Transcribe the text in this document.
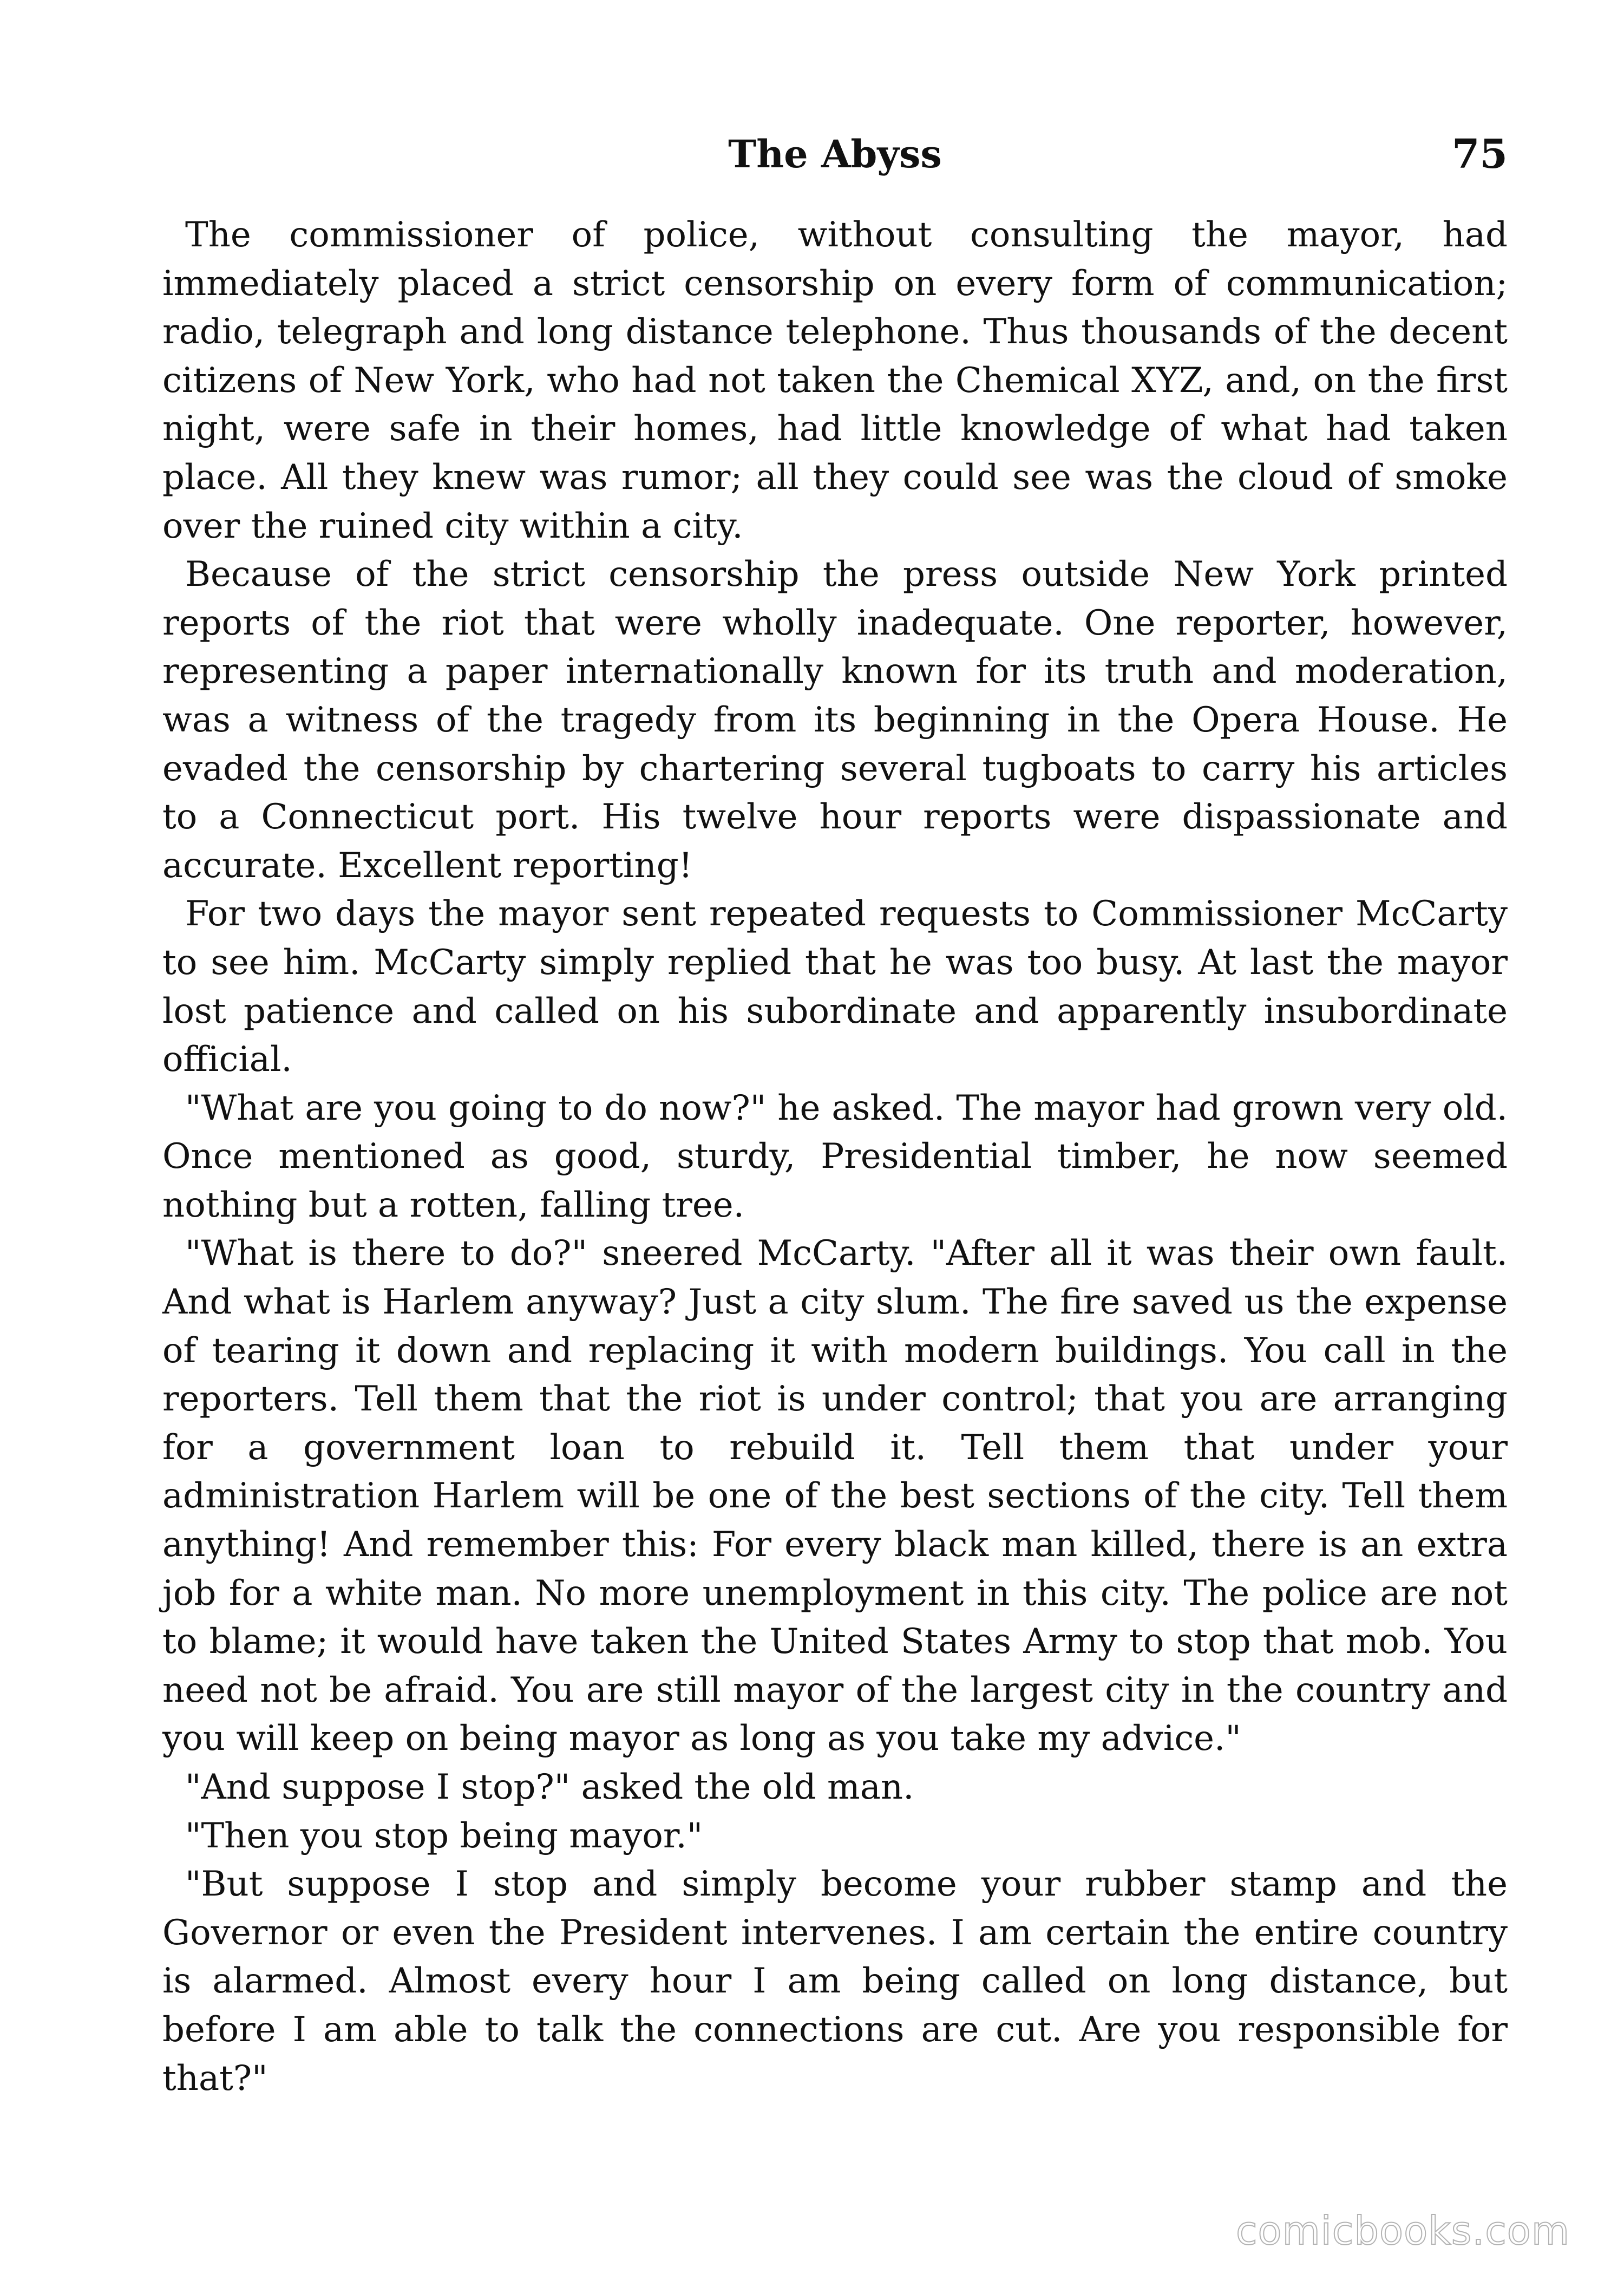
The Abyss	75

The commissioner of police, without consulting the mayor, had immediately placed a strict censorship on every form of communication; radio, telegraph and long distance telephone. Thus thousands of the decent citizens of New York, who had not taken the Chemical XYZ, and, on the first night, were safe in their homes, had little knowledge of what had taken place. All they knew was rumor; all they could see was the cloud of smoke over the ruined city within a city.

Because of the strict censorship the press outside New York printed reports of the riot that were wholly inadequate. One reporter, however, representing a paper internationally known for its truth and moderation, was a witness of the tragedy from its beginning in the Opera House. He evaded the censorship by chartering several tugboats to carry his articles to a Connecticut port. His twelve hour reports were dispassionate and accurate. Excellent reporting!

For two days the mayor sent repeated requests to Commissioner McCarty to see him. McCarty simply replied that he was too busy. At last the mayor lost patience and called on his subordinate and apparently insubordinate official.

"What are you going to do now?" he asked. The mayor had grown very old. Once mentioned as good, sturdy, Presidential timber, he now seemed nothing but a rotten, falling tree.

"What is there to do?" sneered McCarty. "After all it was their own fault. And what is Harlem anyway? Just a city slum. The fire saved us the expense of tearing it down and replacing it with modern buildings. You call in the reporters. Tell them that the riot is under control; that you are arranging for a government loan to rebuild it. Tell them that under your administration Harlem will be one of the best sections of the city. Tell them anything! And remember this: For every black man killed, there is an extra job for a white man. No more unemployment in this city. The police are not to blame; it would have taken the United States Army to stop that mob. You need not be afraid. You are still mayor of the largest city in the country and you will keep on being mayor as long as you take my advice."

"And suppose I stop?" asked the old man.

"Then you stop being mayor."

"But suppose I stop and simply become your rubber stamp and the Governor or even the President intervenes. I am certain the entire country is alarmed. Almost every hour I am being called on long distance, but before I am able to talk the connections are cut. Are you responsible for that?"

comicbooks.com
